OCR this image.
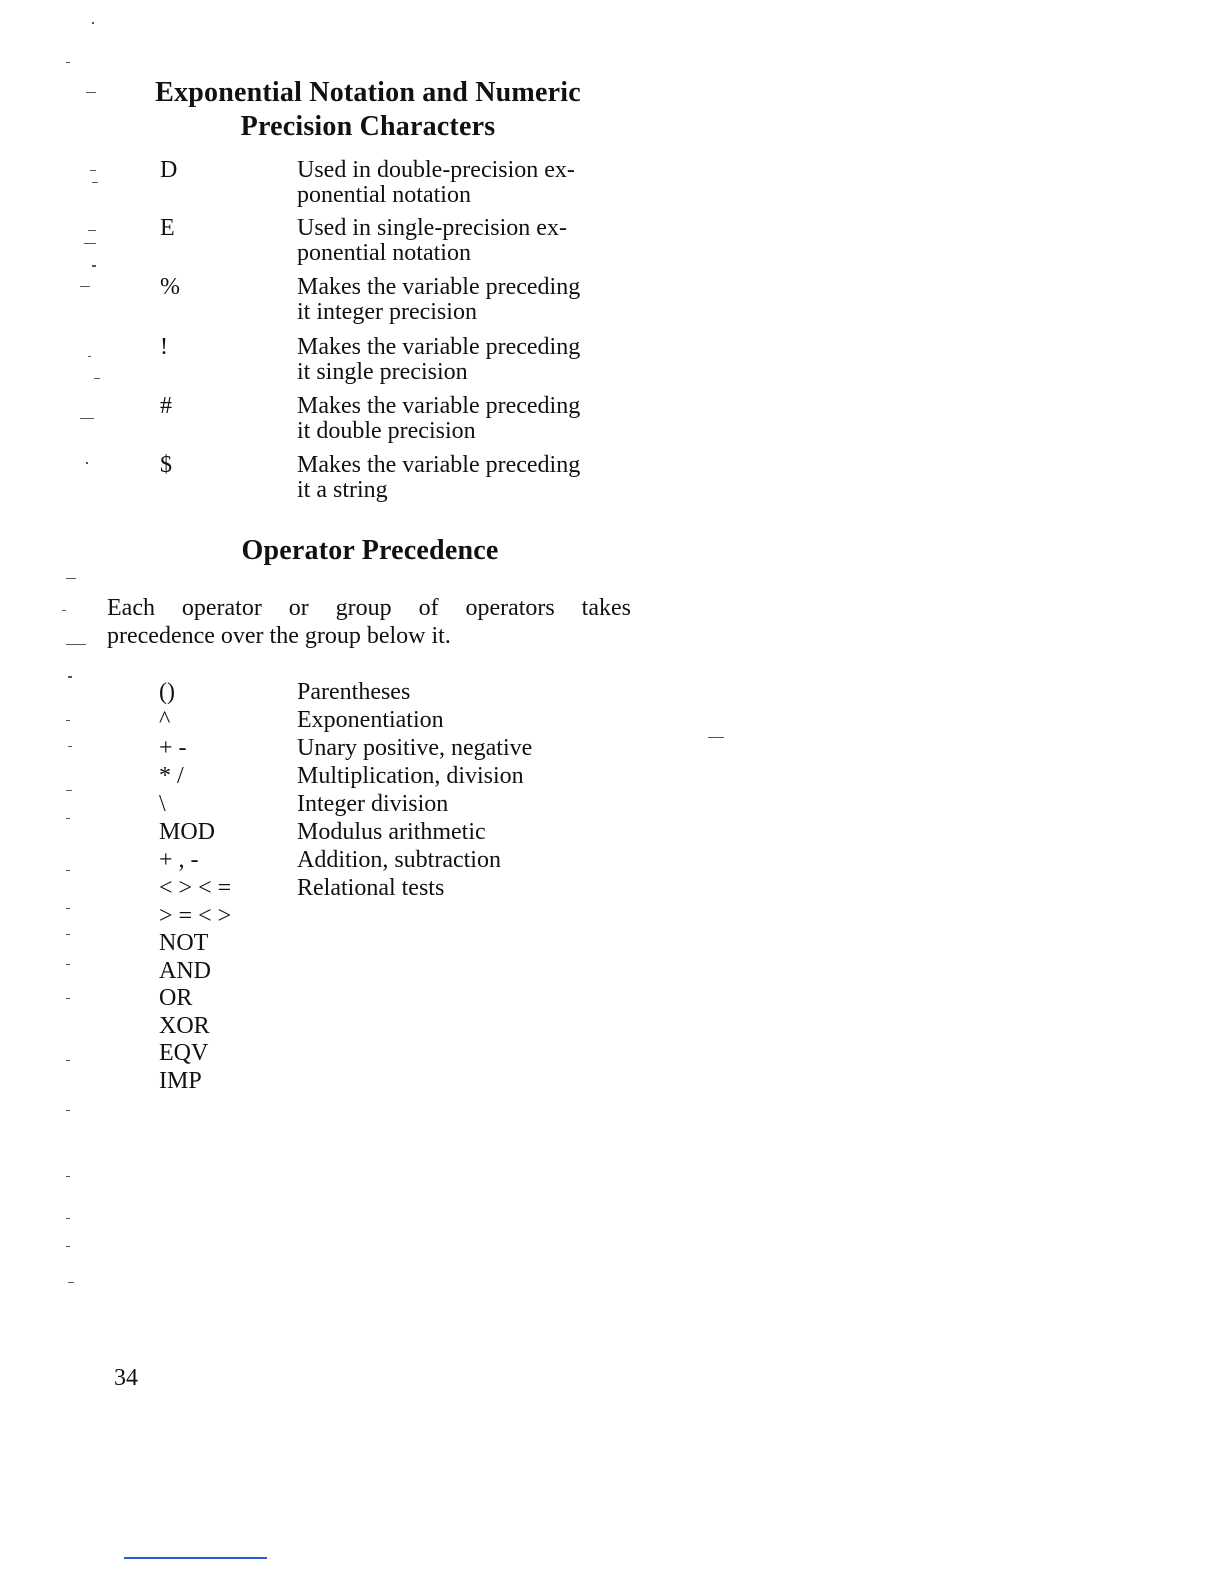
Exponential Notation and Numeric
Precision Characters
D	Used in double-precision ex-
ponential notation
E	Used in single-precision ex-
ponential notation
%	Makes the variable preceding
it integer precision
!	Makes the variable preceding
it single precision
#	Makes the variable preceding
it double precision
$	Makes the variable preceding
it a string
Operator Precedence
Each operator or group of operators takes
precedence over the group below it.
()	Parentheses
^	Exponentiation
+ -	Unary positive, negative
* /	Multiplication, division
\	Integer division
MOD	Modulus arithmetic
+ , -	Addition, subtraction
< > < =	Relational tests
> = < >
NOT
AND
OR
XOR
EQV
IMP
34
